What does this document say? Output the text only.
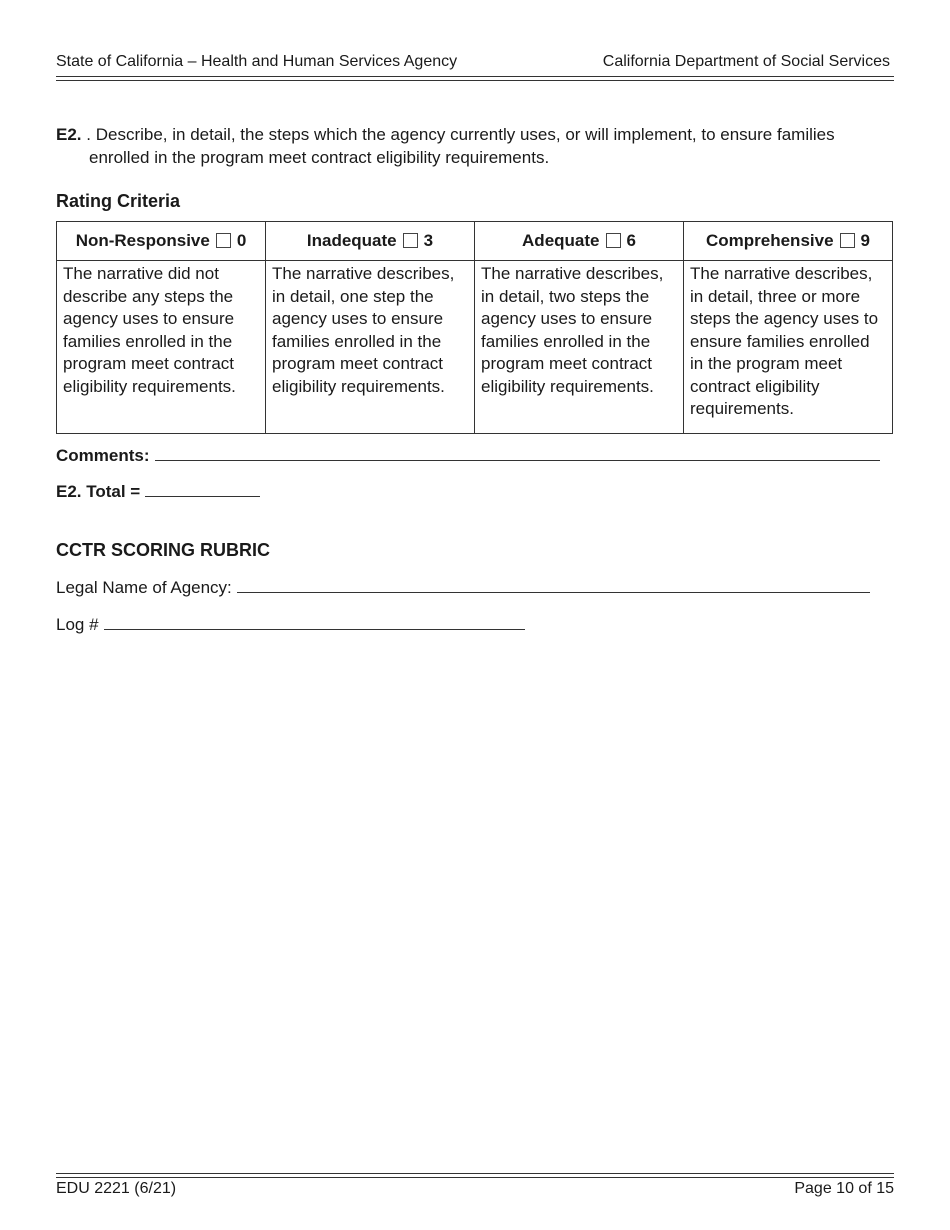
State of California – Health and Human Services Agency	California Department of Social Services
E2. . Describe, in detail, the steps which the agency currently uses, or will implement, to ensure families enrolled in the program meet contract eligibility requirements.
Rating Criteria
Non-Responsive 0	Inadequate 3	Adequate 6	Comprehensive 9
The narrative did not describe any steps the agency uses to ensure families enrolled in the program meet contract eligibility requirements.	The narrative describes, in detail, one step the agency uses to ensure families enrolled in the program meet contract eligibility requirements.	The narrative describes, in detail, two steps the agency uses to ensure families enrolled in the program meet contract eligibility requirements.	The narrative describes, in detail, three or more steps the agency uses to ensure families enrolled in the program meet contract eligibility requirements.
Comments:
E2. Total =
CCTR SCORING RUBRIC
Legal Name of Agency:
Log #
EDU 2221 (6/21)	Page 10 of 15
